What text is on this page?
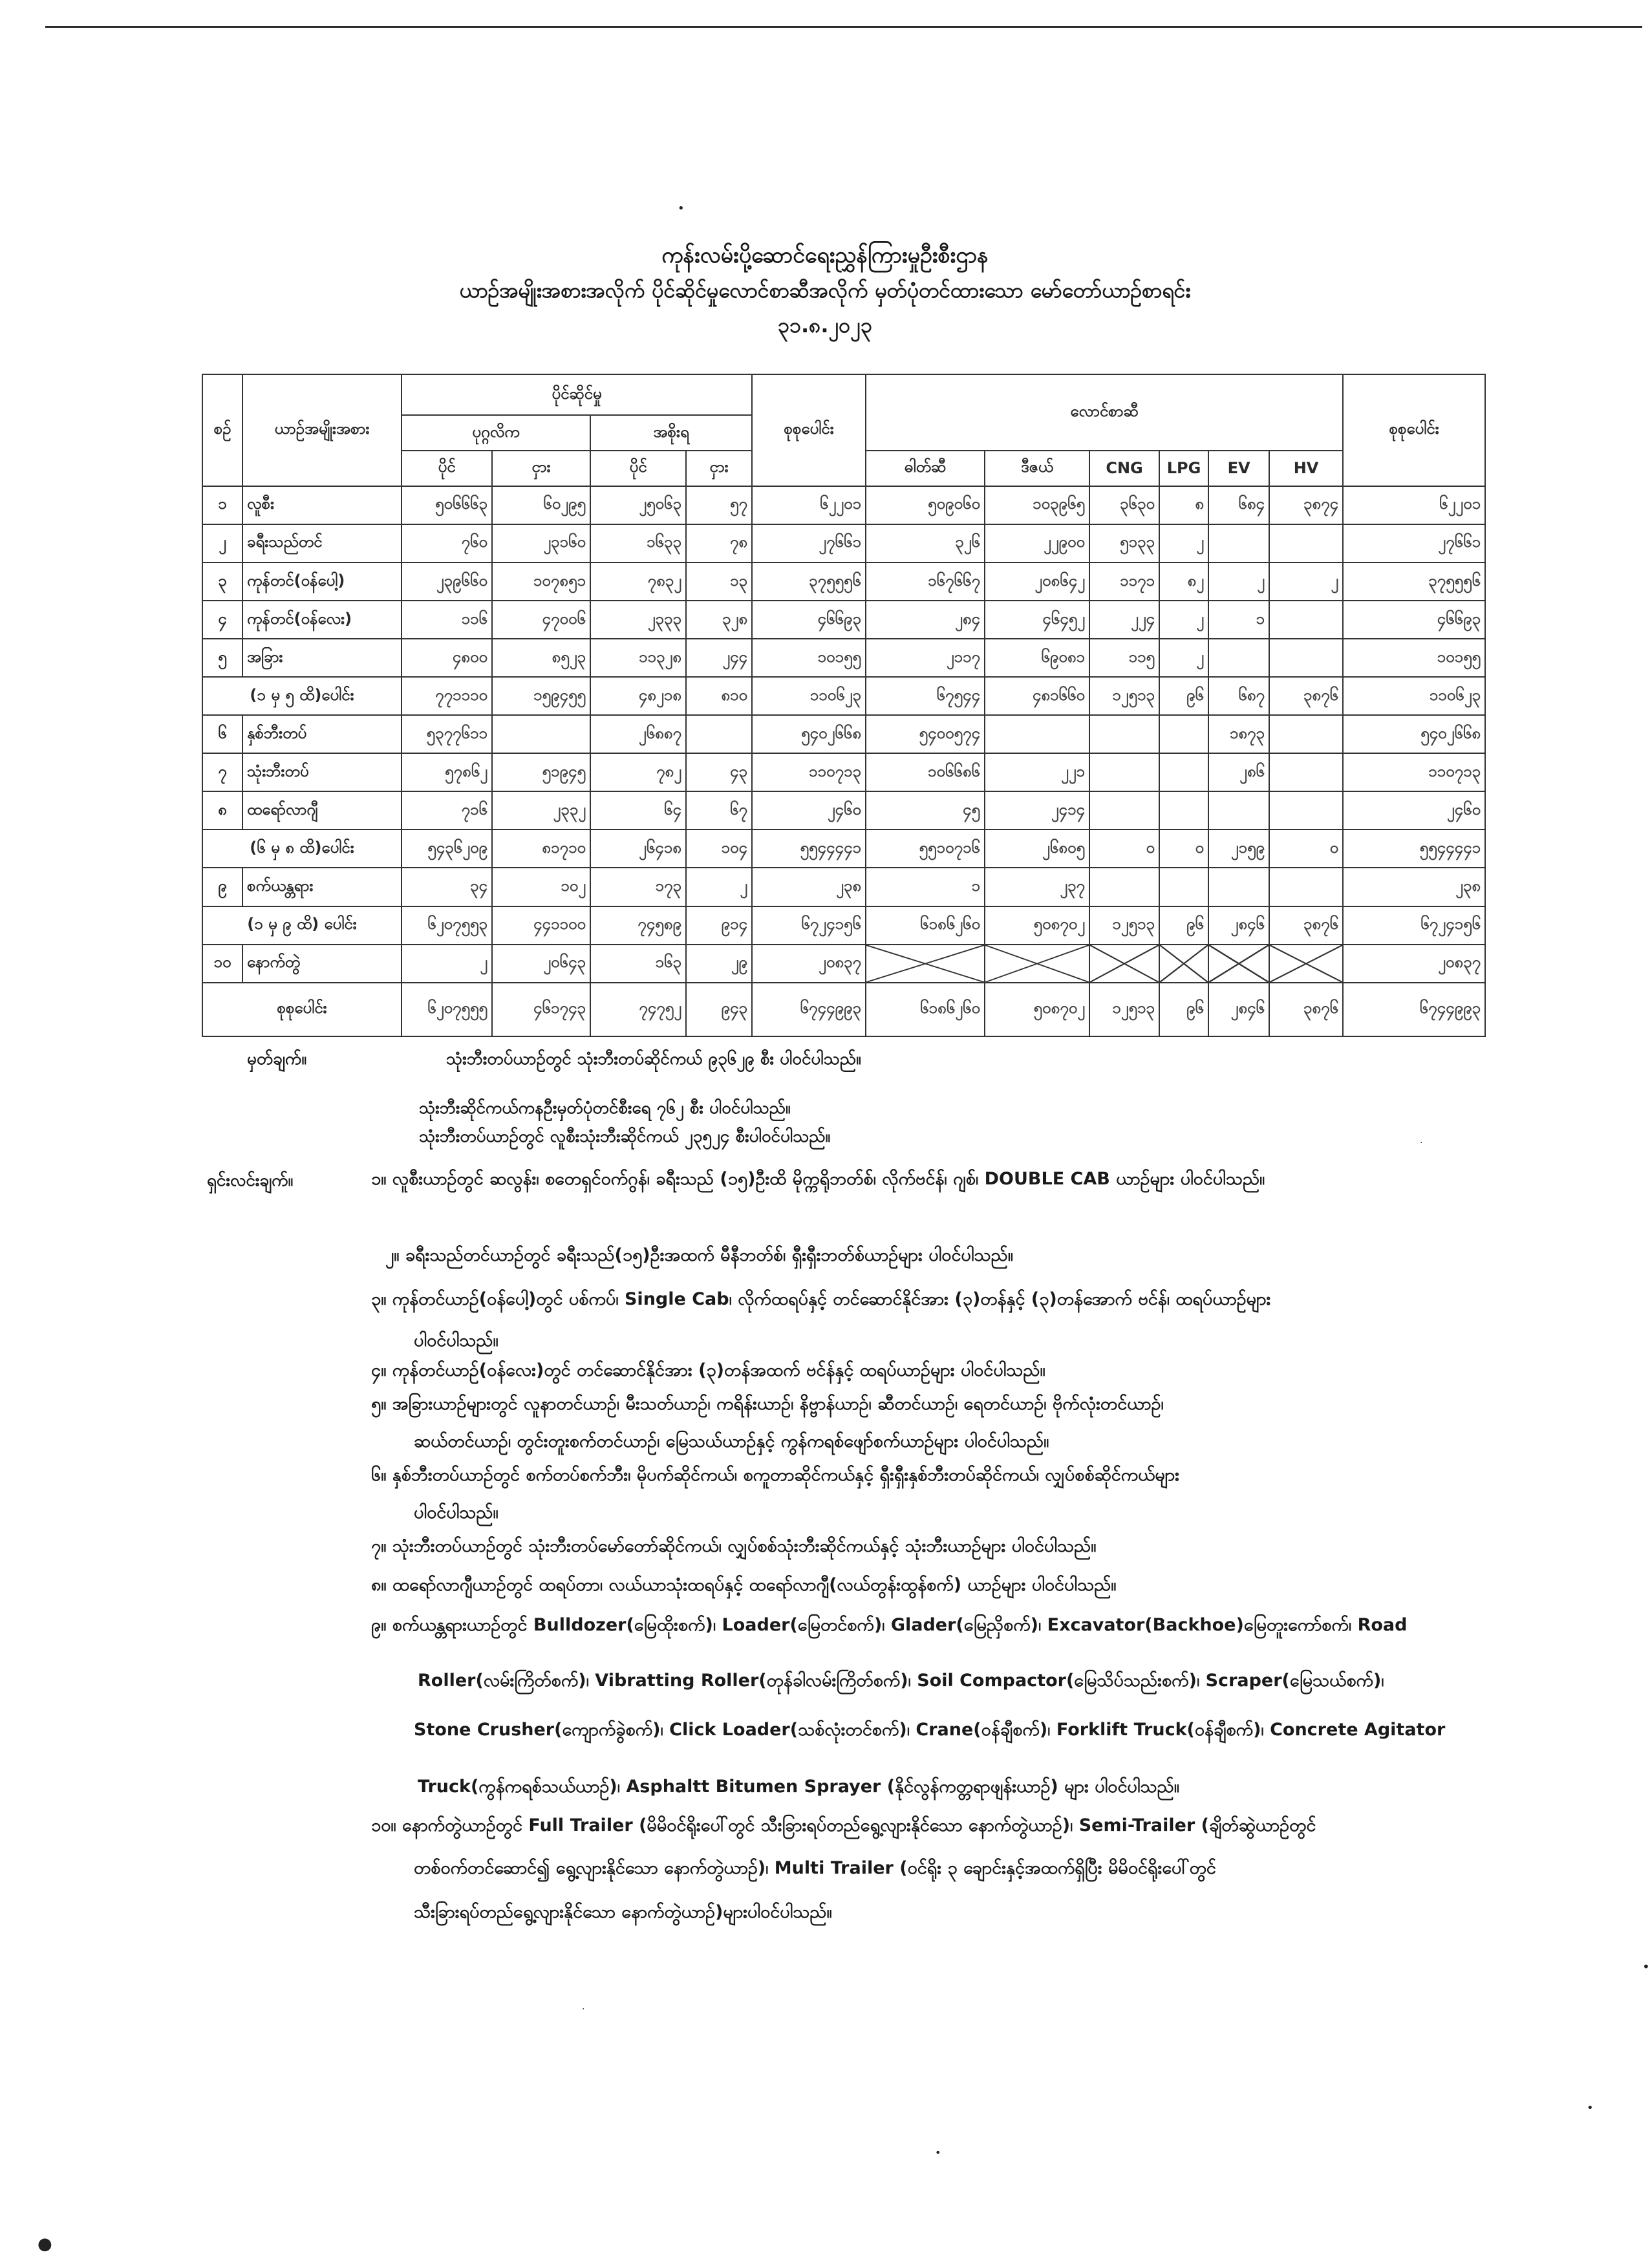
•
·
•
•
·
•
●
ကုန်းလမ်းပို့ဆောင်ရေးညွှန်ကြားမှုဦးစီးဌာန
ယာဉ်အမျိုးအစားအလိုက် ပိုင်ဆိုင်မှုလောင်စာဆီအလိုက် မှတ်ပုံတင်ထားသော မော်တော်ယာဉ်စာရင်း
၃၁.၈.၂၀၂၃
စဉ်	ယာဉ်အမျိုးအစား	ပိုင်ဆိုင်မှု				စုစုပေါင်း	လောင်စာဆီ						စုစုပေါင်း
		ပုဂ္ဂလိက		အစိုးရ									
		ပိုင်	ငှား	ပိုင်	ငှား		ဓါတ်ဆီ	ဒီဇယ်	CNG	LPG	EV	HV	
၁	လူစီး	၅၀၆၆၆၃	၆၀၂၉၅	၂၅၀၆၃	၅၇	၆၂၂၀၁	၅၀၉၀၆၀	၁၀၃၉၆၅	၃၆၃၀	၈	၆၈၄	၃၈၇၄	၆၂၂၀၁
၂	ခရီးသည်တင်	၇၆၀	၂၃၁၆၀	၁၆၃၃	၇၈	၂၇၆၆၁	၃၂၆	၂၂၉၀၀	၅၁၃၃	၂			၂၇၆၆၁
၃	ကုန်တင်(ဝန်ပေါ့)	၂၃၉၆၆၀	၁၀၇၈၅၁	၇၈၃၂	၁၃	၃၇၅၅၅၆	၁၆၇၆၆၇	၂၀၈၆၄၂	၁၁၇၁	၈၂	၂	၂	၃၇၅၅၅၆
၄	ကုန်တင်(ဝန်လေး)	၁၁၆	၄၇၀၀၆	၂၃၃၃	၃၂၈	၄၆၆၉၃	၂၈၄	၄၆၄၅၂	၂၂၄	၂	၁		၄၆၆၉၃
၅	အခြား	၄၈၀၀	၈၅၂၃	၁၁၃၂၈	၂၄၄	၁၀၁၅၅	၂၁၁၇	၆၉၀၈၁	၁၁၅	၂			၁၀၁၅၅
(၁ မှ ၅ ထိ)ပေါင်း		၇၇၁၁၁၀	၁၅၉၄၅၅	၄၈၂၁၈	၈၁၀	၁၁၀၆၂၃	၆၇၅၄၄	၄၈၁၆၆၀	၁၂၅၁၃	၉၆	၆၈၇	၃၈၇၆	၁၁၀၆၂၃
၆	နှစ်ဘီးတပ်	၅၃၇၇၆၁၁		၂၆၈၈၇		၅၄၀၂၆၆၈	၅၄၀၀၅၇၄				၁၈၇၃		၅၄၀၂၆၆၈
၇	သုံးဘီးတပ်	၅၇၈၆၂	၅၁၉၄၅	၇၈၂	၄၃	၁၁၀၇၁၃	၁၀၆၆၈၆	၂၂၁			၂၈၆		၁၁၀၇၁၃
၈	ထရော်လာဂျီ	၇၁၆	၂၃၃၂	၆၄	၆၇	၂၄၆၀	၄၅	၂၄၁၄					၂၄၆၀
(၆ မှ ၈ ထိ)ပေါင်း		၅၄၃၆၂၀၉	၈၁၇၁၀	၂၆၄၁၈	၁၀၄	၅၅၄၄၄၄၁	၅၅၁၀၇၁၆	၂၆၈၀၅	၀	၀	၂၁၅၉	၀	၅၅၄၄၄၄၁
၉	စက်ယန္တရား	၃၄	၁၀၂	၁၇၃	၂	၂၃၈	၁	၂၃၇					၂၃၈
(၁ မှ ၉ ထိ) ပေါင်း		၆၂၀၇၅၅၃	၄၄၁၁၀၀	၇၄၅၈၉	၉၁၄	၆၇၂၄၁၅၆	၆၁၈၆၂၆၀	၅၀၈၇၀၂	၁၂၅၁၃	၉၆	၂၈၄၆	၃၈၇၆	၆၇၂၄၁၅၆
၁၀	နောက်တွဲ	၂	၂၀၆၄၃	၁၆၃	၂၉	၂၀၈၃၇							၂၀၈၃၇
စုစုပေါင်း		၆၂၀၇၅၅၅	၄၆၁၇၄၃	၇၄၇၅၂	၉၄၃	၆၇၄၄၉၉၃	၆၁၈၆၂၆၀	၅၀၈၇၀၂	၁၂၅၁၃	၉၆	၂၈၄၆	၃၈၇၆	၆၇၄၄၉၉၃
မှတ်ချက်။	သုံးဘီးတပ်ယာဉ်တွင် သုံးဘီးတပ်ဆိုင်ကယ် ၉၃၆၂၉ စီး ပါဝင်ပါသည်။
သုံးဘီးဆိုင်ကယ်ကနဦးမှတ်ပုံတင်စီးရေ ၇၆၂ စီး ပါဝင်ပါသည်။
သုံးဘီးတပ်ယာဉ်တွင် လူစီးသုံးဘီးဆိုင်ကယ် ၂၃၅၂၄ စီးပါဝင်ပါသည်။
ရှင်းလင်းချက်။	၁။ လူစီးယာဉ်တွင် ဆလွန်း၊ စတေရှင်ဝက်ဂွန်၊ ခရီးသည် (၁၅)ဦးထိ မိုက္ကရိုဘတ်စ်၊ လိုက်ဗင်န်၊ ဂျစ်၊ DOUBLE CAB ယာဉ်များ ပါဝင်ပါသည်။
၂။ ခရီးသည်တင်ယာဉ်တွင် ခရီးသည်(၁၅)ဦးအထက် မီနီဘတ်စ်၊ ရှီးရှီးဘတ်စ်ယာဉ်များ ပါဝင်ပါသည်။
၃။ ကုန်တင်ယာဉ်(ဝန်ပေါ့)တွင် ပစ်ကပ်၊ Single Cab၊ လိုက်ထရပ်နှင့် တင်ဆောင်နိုင်အား (၃)တန်နှင့် (၃)တန်အောက် ဗင်န်၊ ထရပ်ယာဉ်များ
ပါဝင်ပါသည်။
၄။ ကုန်တင်ယာဉ်(ဝန်လေး)တွင် တင်ဆောင်နိုင်အား (၃)တန်အထက် ဗင်န်နှင့် ထရပ်ယာဉ်များ ပါဝင်ပါသည်။
၅။ အခြားယာဉ်များတွင် လူနာတင်ယာဉ်၊ မီးသတ်ယာဉ်၊ ကရိန်းယာဉ်၊ နိဗ္ဗာန်ယာဉ်၊ ဆီတင်ယာဉ်၊ ရေတင်ယာဉ်၊ ဗိုက်လုံးတင်ယာဉ်၊
ဆယ်တင်ယာဉ်၊ တွင်းတူးစက်တင်ယာဉ်၊ မြေသယ်ယာဉ်နှင့် ကွန်ကရစ်ဖျော်စက်ယာဉ်များ ပါဝင်ပါသည်။
၆။ နှစ်ဘီးတပ်ယာဉ်တွင် စက်တပ်စက်ဘီး၊ မိုပက်ဆိုင်ကယ်၊ စကူတာဆိုင်ကယ်နှင့် ရှီးရှီးနှစ်ဘီးတပ်ဆိုင်ကယ်၊ လျှပ်စစ်ဆိုင်ကယ်များ
ပါဝင်ပါသည်။
၇။ သုံးဘီးတပ်ယာဉ်တွင် သုံးဘီးတပ်မော်တော်ဆိုင်ကယ်၊ လျှပ်စစ်သုံးဘီးဆိုင်ကယ်နှင့် သုံးဘီးယာဉ်များ ပါဝင်ပါသည်။
၈။ ထရော်လာဂျီယာဉ်တွင် ထရပ်တာ၊ လယ်ယာသုံးထရပ်နှင့် ထရော်လာဂျီ(လယ်တွန်းထွန်စက်) ယာဉ်များ ပါဝင်ပါသည်။
၉။ စက်ယန္တရားယာဉ်တွင် Bulldozer(မြေထိုးစက်)၊ Loader(မြေတင်စက်)၊ Glader(မြေညှိစက်)၊ Excavator(Backhoe)မြေတူးကော်စက်၊ Road
Roller(လမ်းကြိတ်စက်)၊ Vibratting Roller(တုန်ခါလမ်းကြိတ်စက်)၊ Soil Compactor(မြေသိပ်သည်းစက်)၊ Scraper(မြေသယ်စက်)၊
Stone Crusher(ကျောက်ခွဲစက်)၊ Click Loader(သစ်လုံးတင်စက်)၊ Crane(ဝန်ချီစက်)၊ Forklift Truck(ဝန်ချီစက်)၊ Concrete Agitator
Truck(ကွန်ကရစ်သယ်ယာဉ်)၊ Asphaltt Bitumen Sprayer (နိုင်လွန်ကတ္တရာဖျန်းယာဉ်) များ ပါဝင်ပါသည်။
၁၀။ နောက်တွဲယာဉ်တွင် Full Trailer (မိမိဝင်ရိုးပေါ်တွင် သီးခြားရပ်တည်ရွေ့လျားနိုင်သော နောက်တွဲယာဉ်)၊ Semi-Trailer (ချိတ်ဆွဲယာဉ်တွင်
တစ်ဝက်တင်ဆောင်၍ ရွေ့လျားနိုင်သော နောက်တွဲယာဉ်)၊ Multi Trailer (ဝင်ရိုး ၃ ချောင်းနှင့်အထက်ရှိပြီး မိမိဝင်ရိုးပေါ်တွင်
သီးခြားရပ်တည်ရွေ့လျားနိုင်သော နောက်တွဲယာဉ်)များပါဝင်ပါသည်။
